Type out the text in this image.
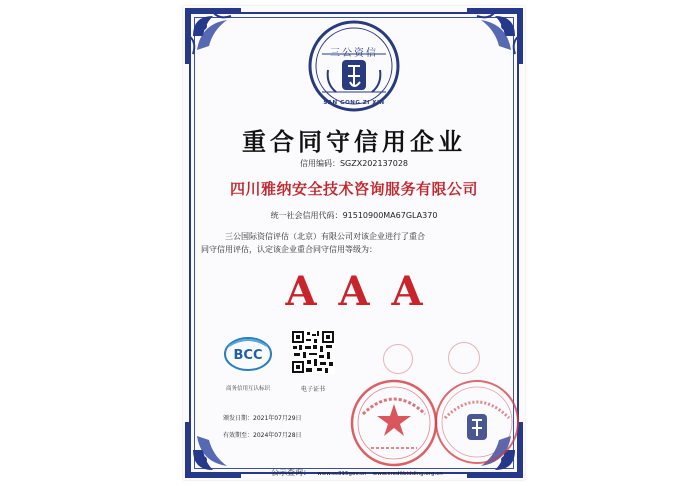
三公资信
SAN GONG ZI XIN
重合同守信用企业
信用编码：SGZX202137028
四川雅纳安全技术咨询服务有限公司
统一社会信用代码：91510900MA67GLA370
三公国际资信评估（北京）有限公司对该企业进行了重合
同守信用评估，认定该企业重合同守信用等级为：
AAA
BCC
商务信用互认标识	电子证书
颁发日期：2021年07月29日
有效期至：2024年07月28日
公示查询： www.cc315gov.cn www.creditbidding.org.cn
